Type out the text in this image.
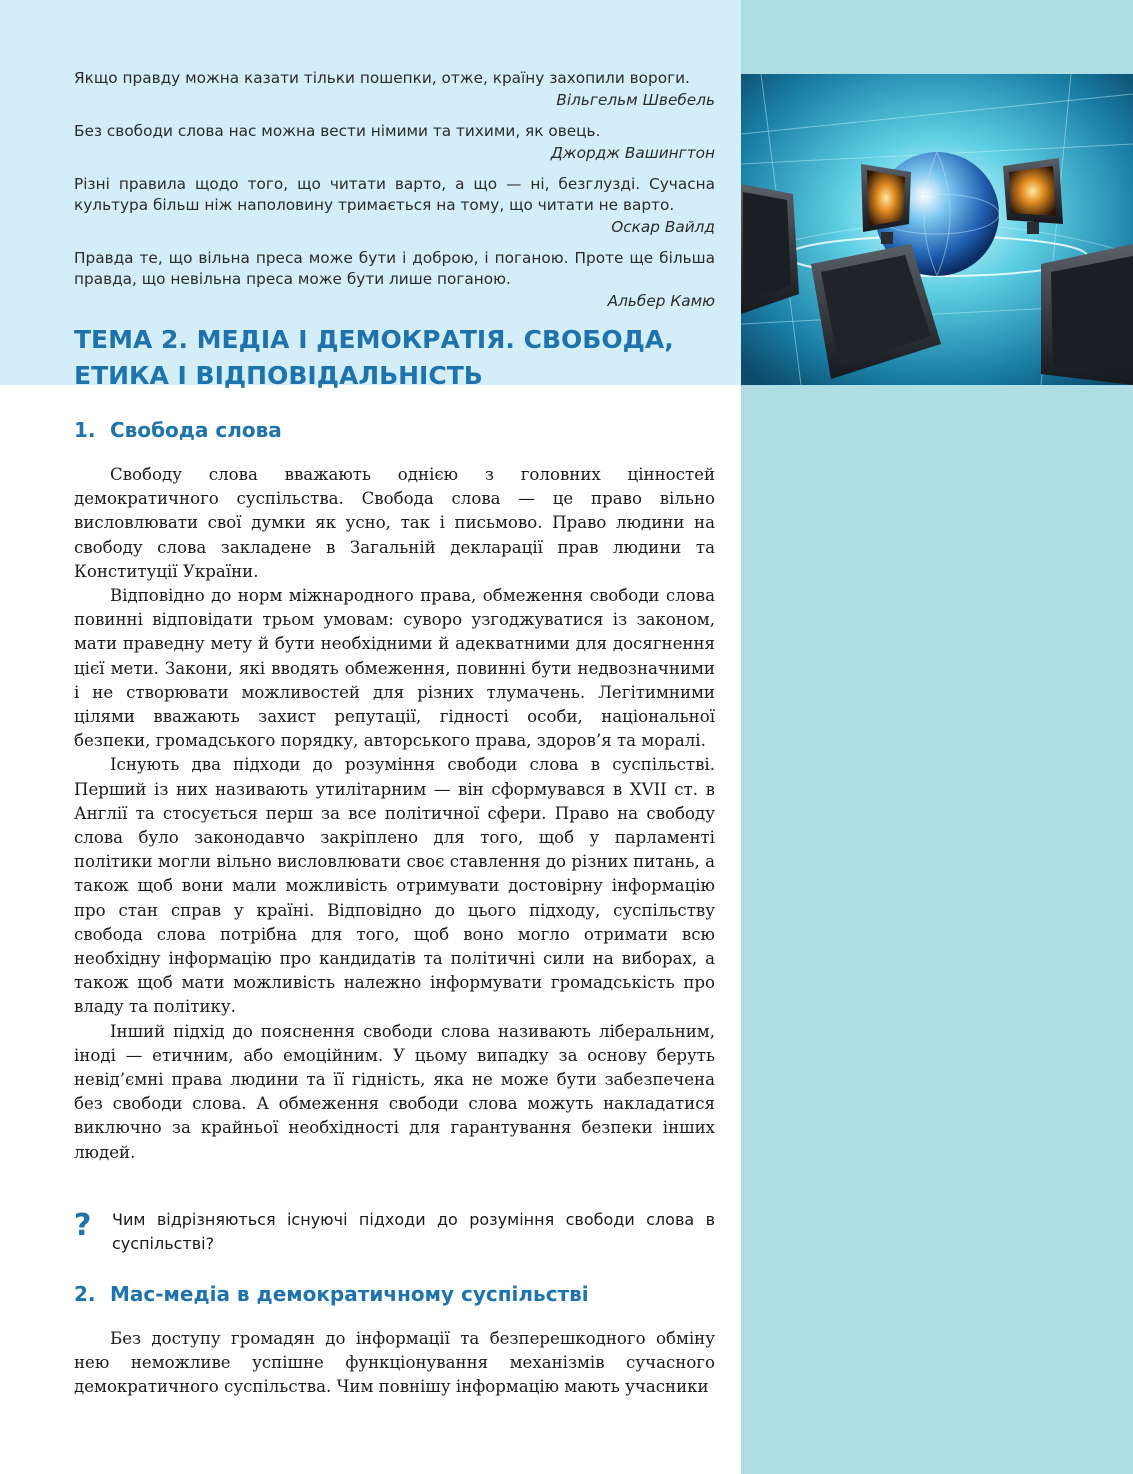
Якщо правду можна казати тільки пошепки, отже, країну захопили вороги.
Вільгельм Швебель
Без свободи слова нас можна вести німими та тихими, як овець.
Джордж Вашингтон
Різні правила щодо того, що читати варто, а що — ні, безглузді. Сучасна культура більш ніж наполовину тримається на тому, що читати не варто.
Оскар Вайлд
Правда те, що вільна преса може бути і доброю, і поганою. Проте ще більша правда, що невільна преса може бути лише поганою.
Альбер Камю
ТЕМА 2. МЕДІА І ДЕМОКРАТІЯ. СВОБОДА,
ЕТИКА І ВІДПОВІДАЛЬНІСТЬ
1. Свобода слова

Свободу слова вважають однією з головних цінностей демократичного суспільства. Свобода слова — це право вільно висловлювати свої думки як усно, так і письмово. Право людини на свободу слова закладене в Загальній декларації прав людини та Конституції України.

Відповідно до норм міжнародного права, обмеження свободи слова повинні відповідати трьом умовам: суворо узгоджуватися із законом, мати праведну мету й бути необхідними й адекватними для досягнення цієї мети. Закони, які вводять обмеження, повинні бути недвозначними і не створювати можливостей для різних тлумачень. Легітимними цілями вважають захист репутації, гідності особи, національної безпеки, громадського порядку, авторського права, здоров’я та моралі.

Існують два підходи до розуміння свободи слова в суспільстві. Перший із них називають утилітарним — він сформувався в XVII ст. в Англії та стосується перш за все політичної сфери. Право на свободу слова було законодавчо закріплено для того, щоб у парламенті політики могли вільно висловлювати своє ставлення до різних питань, а також щоб вони мали можливість отримувати достовірну інформацію про стан справ у країні. Відповідно до цього підходу, суспільству свобода слова потрібна для того, щоб воно могло отримати всю необхідну інформацію про кандидатів та політичні сили на виборах, а також щоб мати можливість належно інформувати громадськість про владу та політику.

Інший підхід до пояснення свободи слова називають ліберальним, іноді — етичним, або емоційним. У цьому випадку за основу беруть невід’ємні права людини та її гідність, яка не може бути забезпечена без свободи слова. А обмеження свободи слова можуть накладатися виключно за крайньої необхідності для гарантування безпеки інших людей.

? Чим відрізняються існуючі підходи до розуміння свободи слова в суспільстві?
2. Мас-медіа в демократичному суспільстві

Без доступу громадян до інформації та безперешкодного обміну нею неможливе успішне функціонування механізмів сучасного демократичного суспільства. Чим повнішу інформацію мають учасники
